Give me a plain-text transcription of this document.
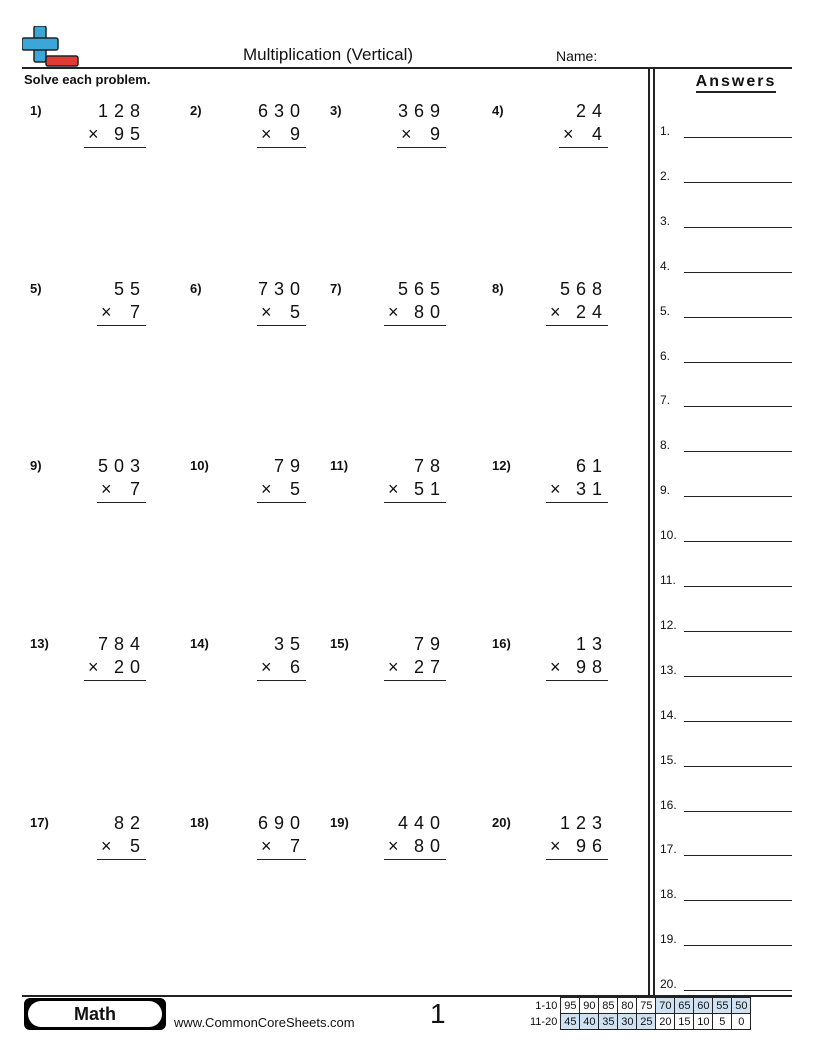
Multiplication (Vertical)	Name:
Solve each problem.
1)	128
× 95
2)	630
× 9
3)	369
× 9
4)	24
× 4
5)	55
× 7
6)	730
× 5
7)	565
× 80
8)	568
× 24
9)	503
× 7
10)	79
× 5
11)	78
× 51
12)	61
× 31
13)	784
× 20
14)	35
× 6
15)	79
× 27
16)	13
× 98
17)	82
× 5
18)	690
× 7
19)	440
× 80
20)	123
× 96
Answers
1.
2.
3.
4.
5.
6.
7.
8.
9.
10.
11.
12.
13.
14.
15.
16.
17.
18.
19.
20.
Math	www.CommonCoreSheets.com	1	1-10	95	90	85	80	75	70	65	60	55	50
11-20	45	40	35	30	25	20	15	10	5	0
